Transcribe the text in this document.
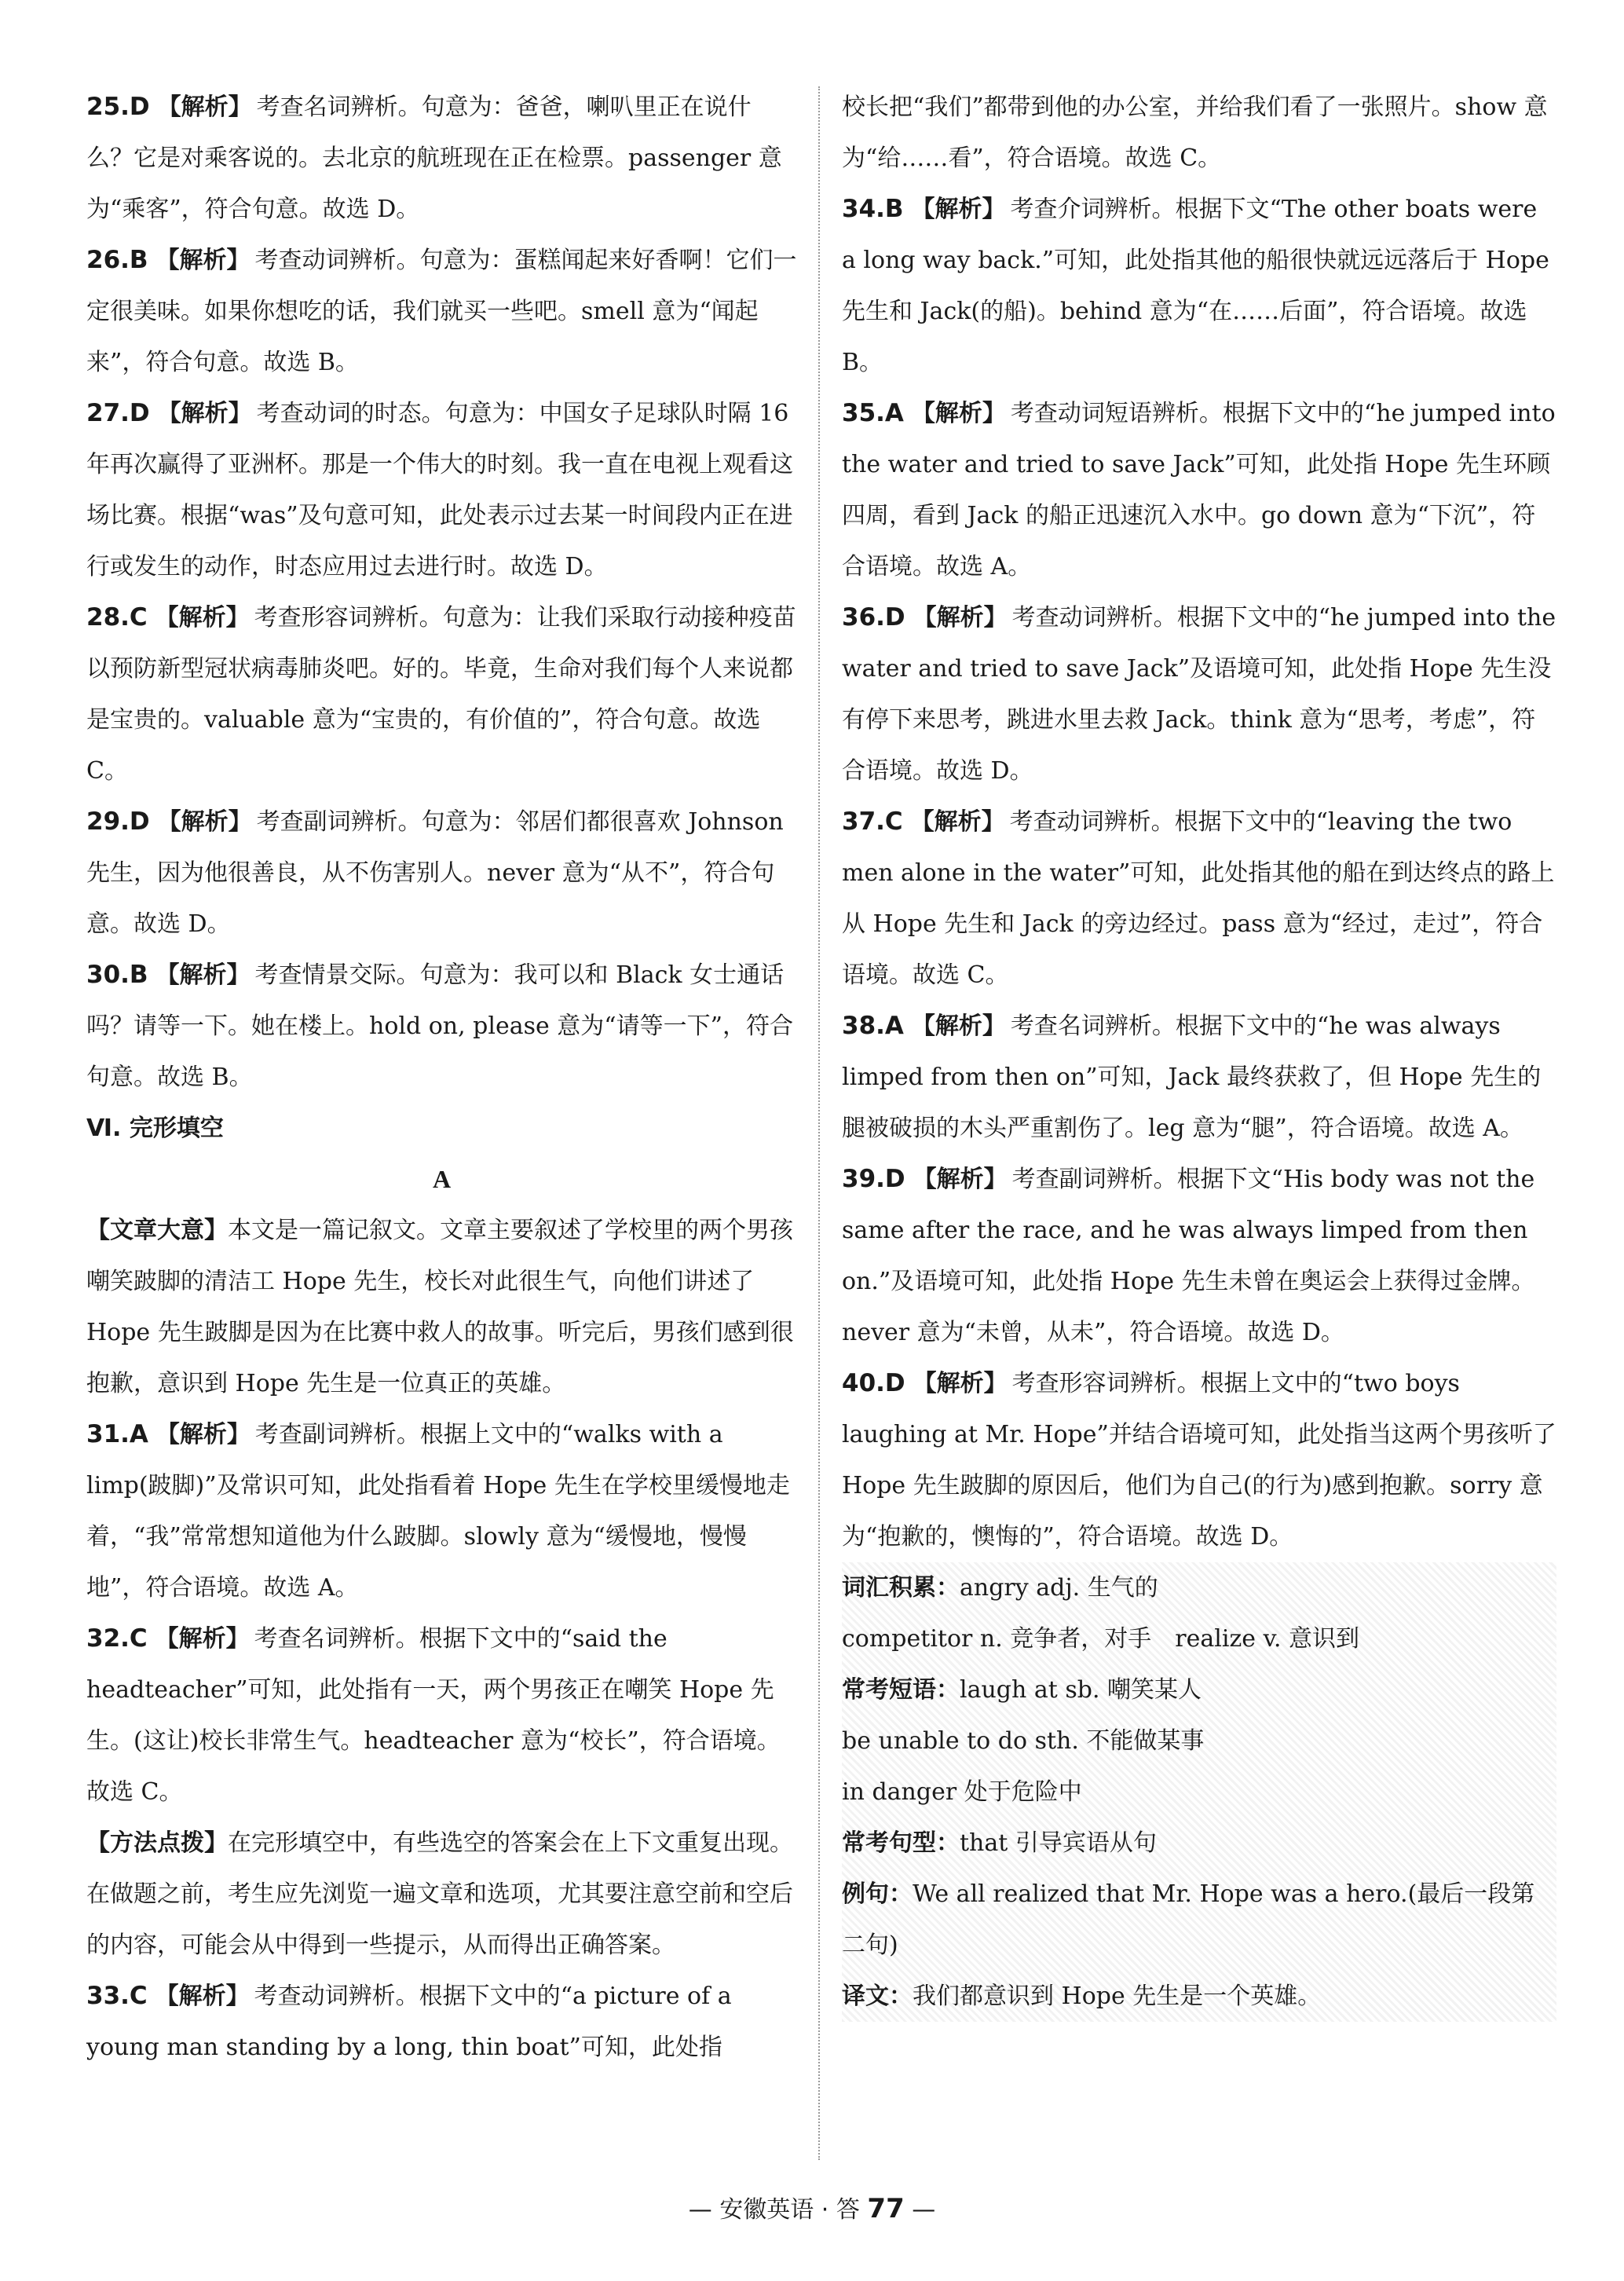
25.D 【解析】 考查名词辨析。句意为：爸爸，喇叭里正在说什么？它是对乘客说的。去北京的航班现在正在检票。passenger 意为“乘客”，符合句意。故选 D。

26.B 【解析】 考查动词辨析。句意为：蛋糕闻起来好香啊！它们一定很美味。如果你想吃的话，我们就买一些吧。smell 意为“闻起来”，符合句意。故选 B。

27.D 【解析】 考查动词的时态。句意为：中国女子足球队时隔 16 年再次赢得了亚洲杯。那是一个伟大的时刻。我一直在电视上观看这场比赛。根据“was”及句意可知，此处表示过去某一时间段内正在进行或发生的动作，时态应用过去进行时。故选 D。

28.C 【解析】 考查形容词辨析。句意为：让我们采取行动接种疫苗以预防新型冠状病毒肺炎吧。好的。毕竟，生命对我们每个人来说都是宝贵的。valuable 意为“宝贵的，有价值的”，符合句意。故选 C。

29.D 【解析】 考查副词辨析。句意为：邻居们都很喜欢 Johnson 先生，因为他很善良，从不伤害别人。never 意为“从不”，符合句意。故选 D。

30.B 【解析】 考查情景交际。句意为：我可以和 Black 女士通话吗？请等一下。她在楼上。hold on, please 意为“请等一下”，符合句意。故选 B。

Ⅵ. 完形填空

A

【文章大意】本文是一篇记叙文。文章主要叙述了学校里的两个男孩嘲笑跛脚的清洁工 Hope 先生，校长对此很生气，向他们讲述了 Hope 先生跛脚是因为在比赛中救人的故事。听完后，男孩们感到很抱歉，意识到 Hope 先生是一位真正的英雄。

31.A 【解析】 考查副词辨析。根据上文中的“walks with a limp(跛脚)”及常识可知，此处指看着 Hope 先生在学校里缓慢地走着，“我”常常想知道他为什么跛脚。slowly 意为“缓慢地，慢慢地”，符合语境。故选 A。

32.C 【解析】 考查名词辨析。根据下文中的“said the headteacher”可知，此处指有一天，两个男孩正在嘲笑 Hope 先生。(这让)校长非常生气。headteacher 意为“校长”，符合语境。故选 C。

【方法点拨】在完形填空中，有些选空的答案会在上下文重复出现。在做题之前，考生应先浏览一遍文章和选项，尤其要注意空前和空后的内容，可能会从中得到一些提示，从而得出正确答案。

33.C 【解析】 考查动词辨析。根据下文中的“a picture of a young man standing by a long, thin boat”可知，此处指

校长把“我们”都带到他的办公室，并给我们看了一张照片。show 意为“给……看”，符合语境。故选 C。

34.B 【解析】 考查介词辨析。根据下文“The other boats were a long way back.”可知，此处指其他的船很快就远远落后于 Hope 先生和 Jack(的船)。behind 意为“在……后面”，符合语境。故选 B。

35.A 【解析】 考查动词短语辨析。根据下文中的“he jumped into the water and tried to save Jack”可知，此处指 Hope 先生环顾四周，看到 Jack 的船正迅速沉入水中。go down 意为“下沉”，符合语境。故选 A。

36.D 【解析】 考查动词辨析。根据下文中的“he jumped into the water and tried to save Jack”及语境可知，此处指 Hope 先生没有停下来思考，跳进水里去救 Jack。think 意为“思考，考虑”，符合语境。故选 D。

37.C 【解析】 考查动词辨析。根据下文中的“leaving the two men alone in the water”可知，此处指其他的船在到达终点的路上从 Hope 先生和 Jack 的旁边经过。pass 意为“经过，走过”，符合语境。故选 C。

38.A 【解析】 考查名词辨析。根据下文中的“he was always limped from then on”可知，Jack 最终获救了，但 Hope 先生的腿被破损的木头严重割伤了。leg 意为“腿”，符合语境。故选 A。

39.D 【解析】 考查副词辨析。根据下文“His body was not the same after the race, and he was always limped from then on.”及语境可知，此处指 Hope 先生未曾在奥运会上获得过金牌。never 意为“未曾，从未”，符合语境。故选 D。

40.D 【解析】 考查形容词辨析。根据上文中的“two boys laughing at Mr. Hope”并结合语境可知，此处指当这两个男孩听了 Hope 先生跛脚的原因后，他们为自己(的行为)感到抱歉。sorry 意为“抱歉的，懊悔的”，符合语境。故选 D。

词汇积累：angry adj. 生气的

competitor n. 竞争者，对手　realize v. 意识到

常考短语：laugh at sb. 嘲笑某人

be unable to do sth. 不能做某事

in danger 处于危险中

常考句型：that 引导宾语从句

例句：We all realized that Mr. Hope was a hero.(最后一段第二句)

译文：我们都意识到 Hope 先生是一个英雄。

— 安徽英语 · 答 77 —
